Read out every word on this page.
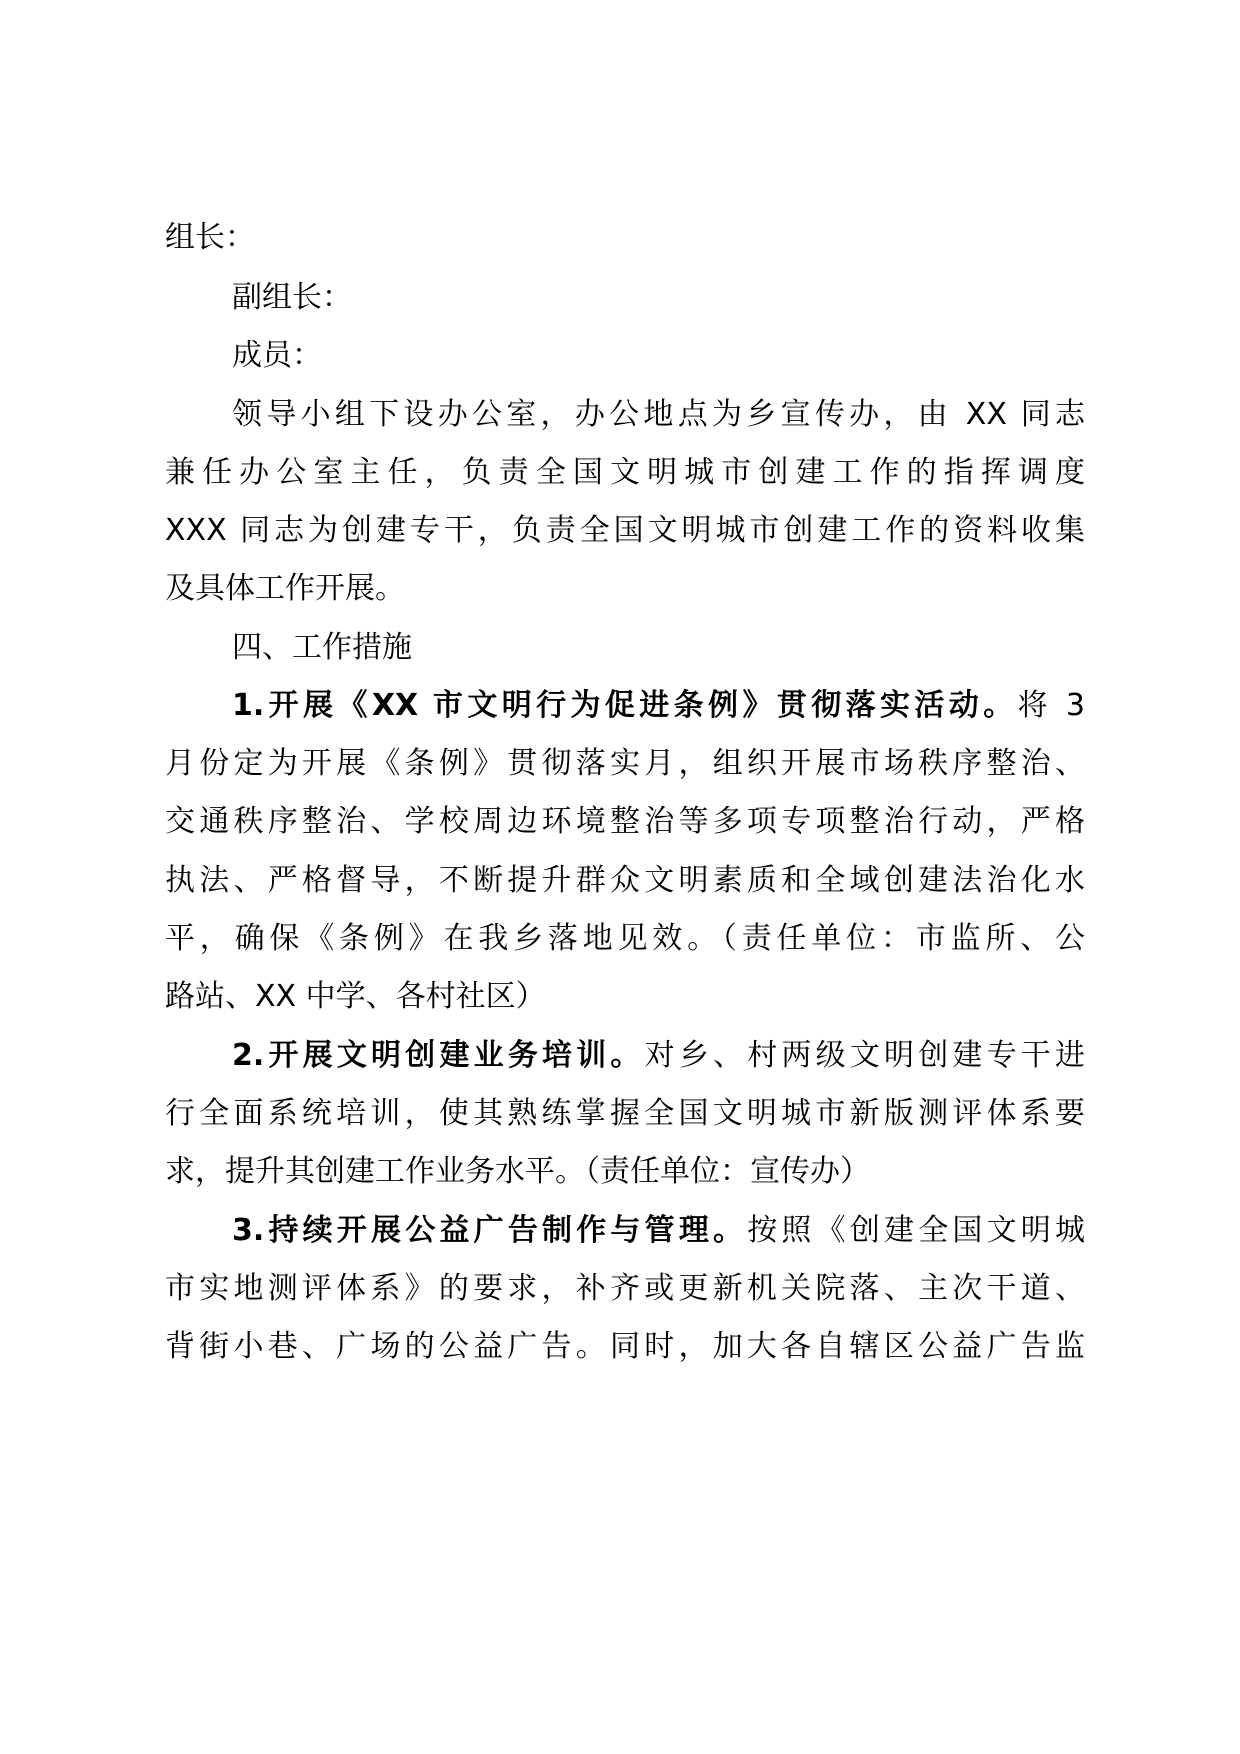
组长：
副组长：
成员：
领导小组下设办公室，办公地点为乡宣传办，由 XX 同志
兼任办公室主任，负责全国文明城市创建工作的指挥调度
XXX 同志为创建专干，负责全国文明城市创建工作的资料收集
及具体工作开展。
四、工作措施
1.开展《XX 市文明行为促进条例》贯彻落实活动。将 3
月份定为开展《条例》贯彻落实月，组织开展市场秩序整治、
交通秩序整治、学校周边环境整治等多项专项整治行动，严格
执法、严格督导，不断提升群众文明素质和全域创建法治化水
平，确保《条例》在我乡落地见效。（责任单位：市监所、公
路站、XX 中学、各村社区）
2.开展文明创建业务培训。对乡、村两级文明创建专干进
行全面系统培训，使其熟练掌握全国文明城市新版测评体系要
求，提升其创建工作业务水平。（责任单位：宣传办）
3.持续开展公益广告制作与管理。按照《创建全国文明城
市实地测评体系》的要求，补齐或更新机关院落、主次干道、
背街小巷、广场的公益广告。同时，加大各自辖区公益广告监
